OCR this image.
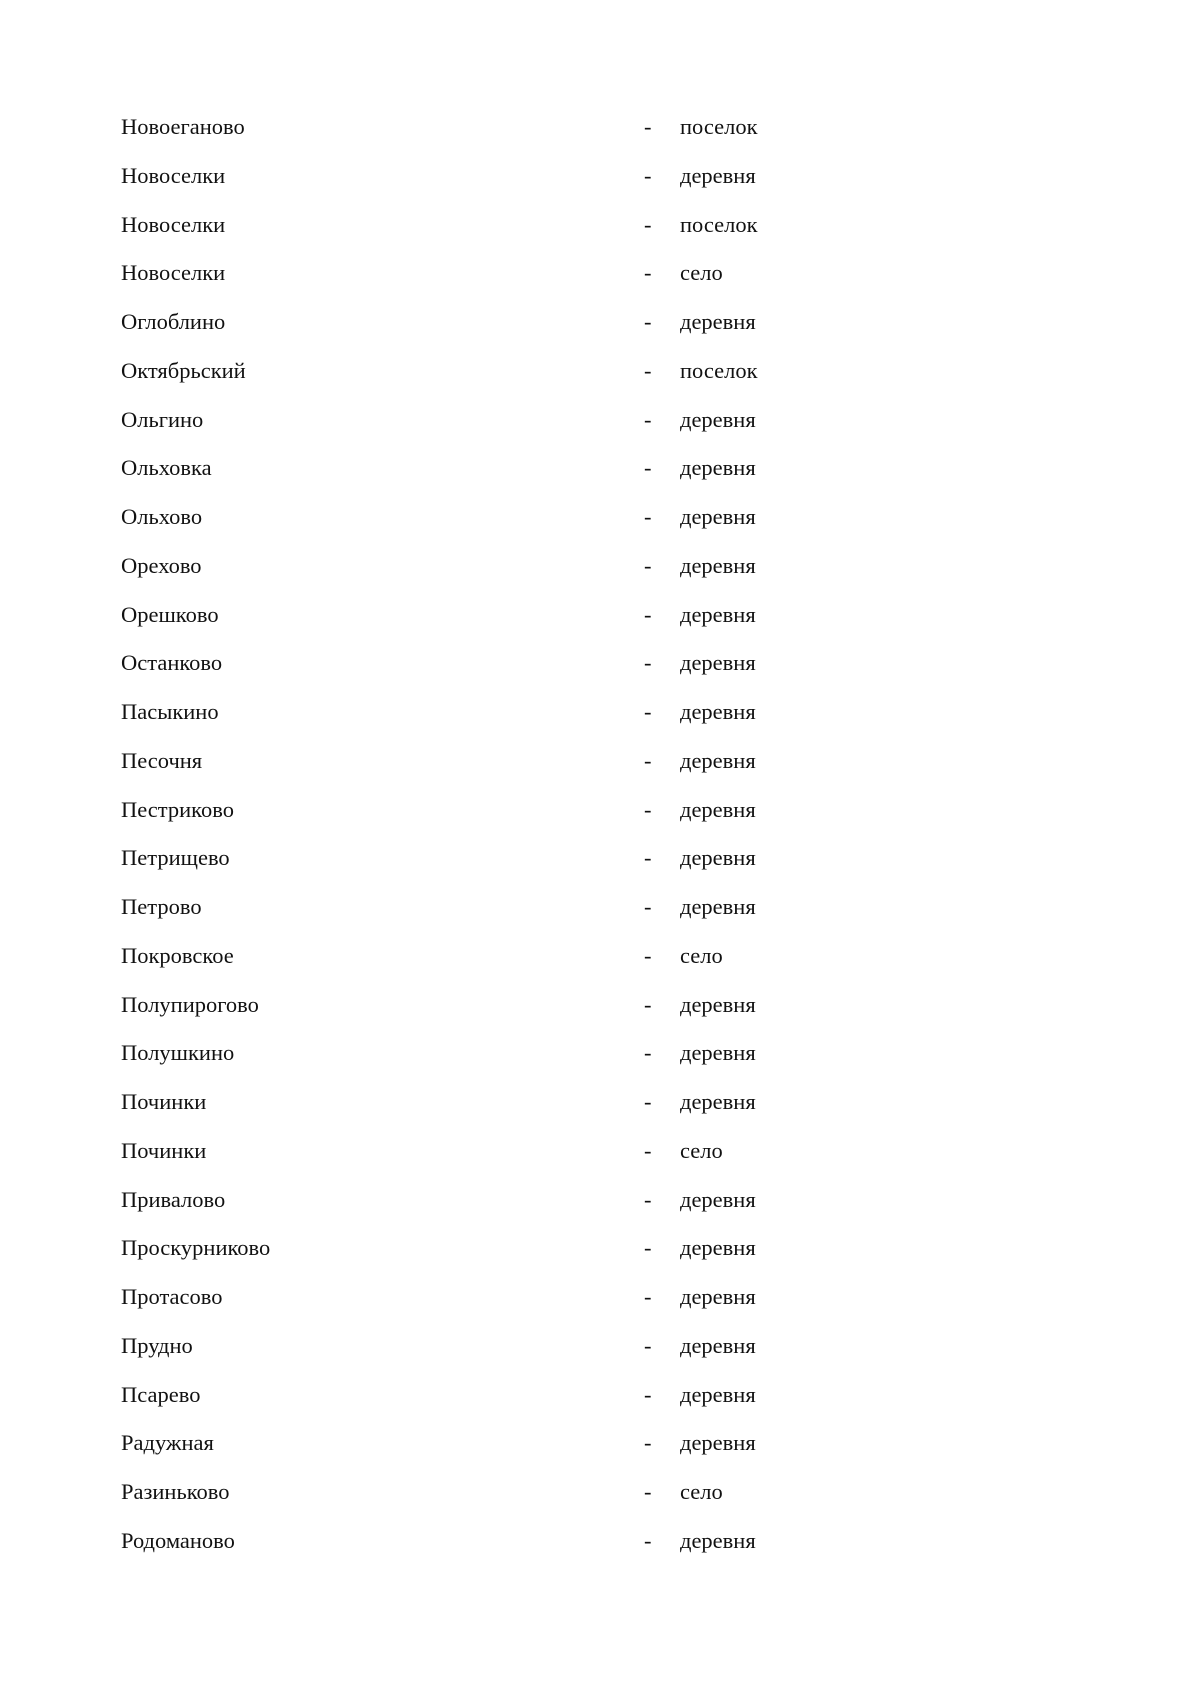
Новоеганово	- поселок
Новоселки	- деревня
Новоселки	- поселок
Новоселки	- село
Оглоблино	- деревня
Октябрьский	- поселок
Ольгино	- деревня
Ольховка	- деревня
Ольхово	- деревня
Орехово	- деревня
Орешково	- деревня
Останково	- деревня
Пасыкино	- деревня
Песочня	- деревня
Пестриково	- деревня
Петрищево	- деревня
Петрово	- деревня
Покровское	- село
Полупирогово	- деревня
Полушкино	- деревня
Починки	- деревня
Починки	- село
Привалово	- деревня
Проскурниково	- деревня
Протасово	- деревня
Прудно	- деревня
Псарево	- деревня
Радужная	- деревня
Разиньково	- село
Родоманово	- деревня
